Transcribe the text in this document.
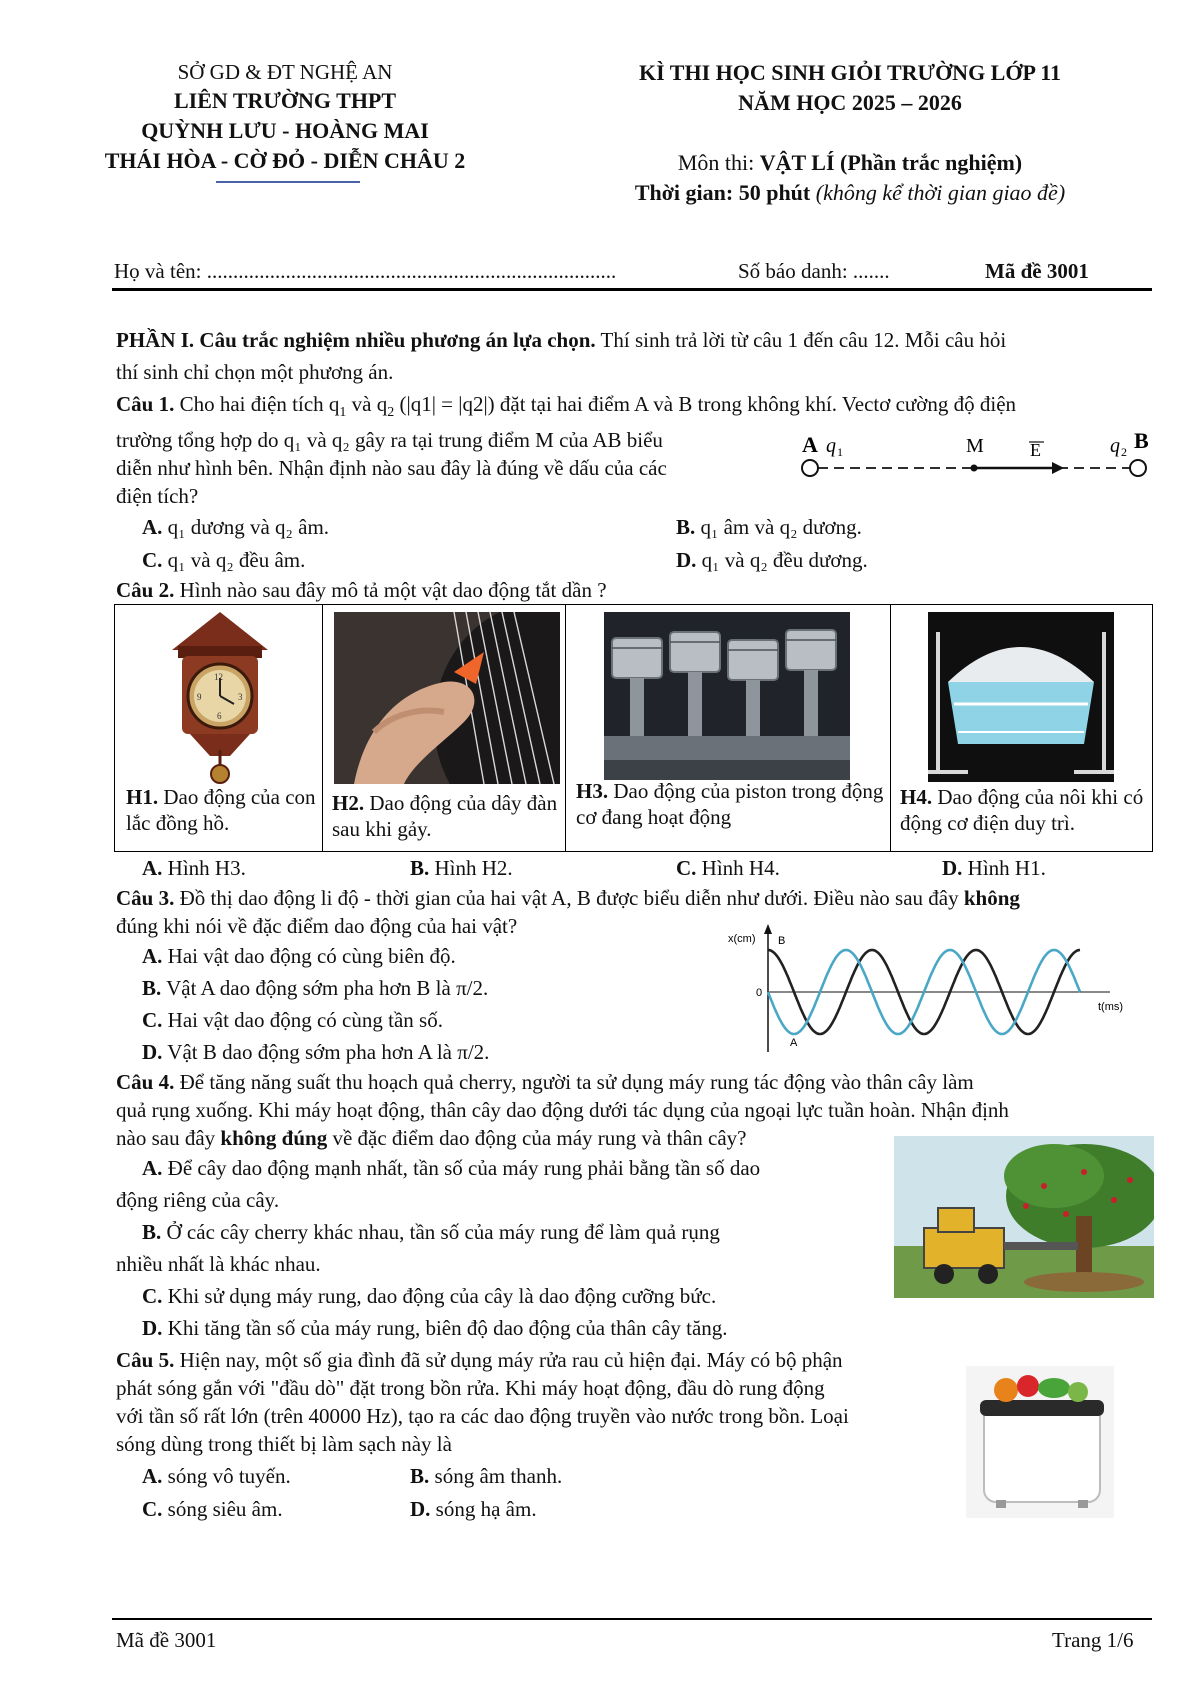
SỞ GD & ĐT NGHỆ AN
LIÊN TRƯỜNG THPT
QUỲNH LƯU - HOÀNG MAI
THÁI HÒA - CỜ ĐỎ - DIỄN CHÂU 2
KÌ THI HỌC SINH GIỎI TRƯỜNG LỚP 11
NĂM HỌC 2025 – 2026
Môn thi: VẬT LÍ (Phần trắc nghiệm)
Thời gian: 50 phút (không kể thời gian giao đề)
Họ và tên: ..............................................................................	Số báo danh: .......	Mã đề 3001
PHẦN I. Câu trắc nghiệm nhiều phương án lựa chọn. Thí sinh trả lời từ câu 1 đến câu 12. Mỗi câu hỏi
thí sinh chỉ chọn một phương án.
Câu 1. Cho hai điện tích $q_1$ và $q_2$ (|q1| = |q2|) đặt tại hai điểm A và B trong không khí. Vectơ cường độ điện
trường tổng hợp do q₁ và q₂ gây ra tại trung điểm M của AB biểu
diễn như hình bên. Nhận định nào sau đây là đúng về dấu của các
điện tích?
A q 1	M	E	q 2 B
A. q₁ dương và q₂ âm.	B. q₁ âm và q₂ dương.
C. q₁ và q₂ đều âm.	D. q₁ và q₂ đều dương.
Câu 2. Hình nào sau đây mô tả một vật dao động tắt dần ?
12
3
6
9
H1. Dao động của con lắc đồng hồ.
H2. Dao động của dây đàn sau khi gảy.
H3. Dao động của piston trong động cơ đang hoạt động
H4. Dao động của nôi khi có động cơ điện duy trì.
A. Hình H3.	B. Hình H2.	C. Hình H4.	D. Hình H1.
Câu 3. Đồ thị dao động li độ - thời gian của hai vật A, B được biểu diễn như dưới. Điều nào sau đây không
đúng khi nói về đặc điểm dao động của hai vật?
A. Hai vật dao động có cùng biên độ.
B. Vật A dao động sớm pha hơn B là π/2.
C. Hai vật dao động có cùng tần số.
D. Vật B dao động sớm pha hơn A là π/2.
x(cm)
0
t(ms)
B
A
Câu 4. Để tăng năng suất thu hoạch quả cherry, người ta sử dụng máy rung tác động vào thân cây làm
quả rụng xuống. Khi máy hoạt động, thân cây dao động dưới tác dụng của ngoại lực tuần hoàn. Nhận định
nào sau đây không đúng về đặc điểm dao động của máy rung và thân cây?
A. Để cây dao động mạnh nhất, tần số của máy rung phải bằng tần số dao
động riêng của cây.
B. Ở các cây cherry khác nhau, tần số của máy rung để làm quả rụng
nhiều nhất là khác nhau.
C. Khi sử dụng máy rung, dao động của cây là dao động cưỡng bức.
D. Khi tăng tần số của máy rung, biên độ dao động của thân cây tăng.
Câu 5. Hiện nay, một số gia đình đã sử dụng máy rửa rau củ hiện đại. Máy có bộ phận
phát sóng gắn với "đầu dò" đặt trong bồn rửa. Khi máy hoạt động, đầu dò rung động
với tần số rất lớn (trên 40000 Hz), tạo ra các dao động truyền vào nước trong bồn. Loại
sóng dùng trong thiết bị làm sạch này là
A. sóng vô tuyến.	B. sóng âm thanh.
C. sóng siêu âm.	D. sóng hạ âm.
Mã đề 3001	Trang 1/6
